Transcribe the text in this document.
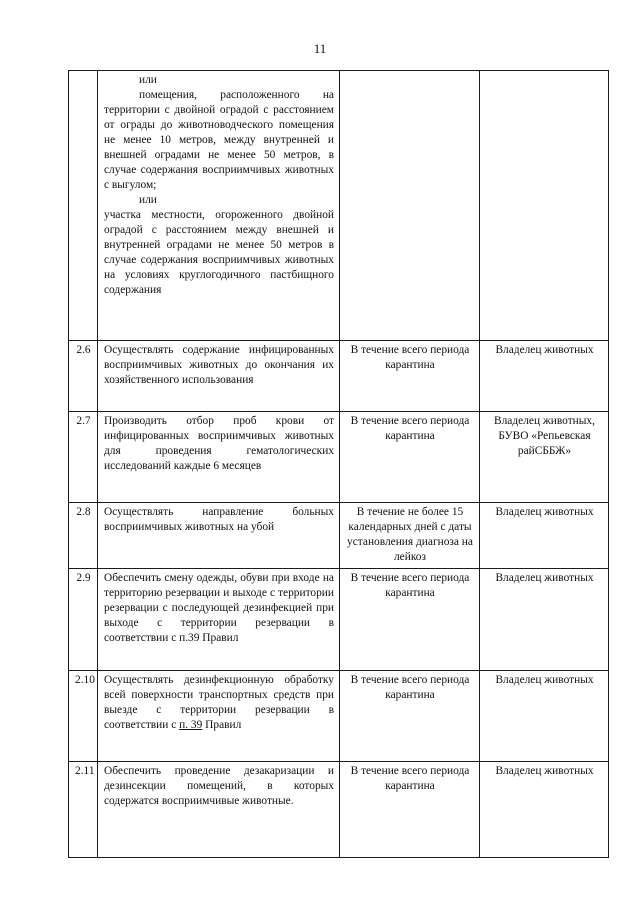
11

	или
помещения, расположенного на территории с двойной оградой с расстоянием от ограды до животноводческого помещения не менее 10 метров, между внутренней и внешней оградами не менее 50 метров, в случае содержания восприимчивых животных с выгулом;
или
участка местности, огороженного двойной оградой с расстоянием между внешней и внутренней оградами не менее 50 метров в случае содержания восприимчивых животных на условиях круглогодичного пастбищного содержания		

2.6	Осуществлять содержание инфицированных восприимчивых животных до окончания их хозяйственного использования	В течение всего периода карантина	Владелец животных
2.7	Производить отбор проб крови от инфицированных восприимчивых животных для проведения гематологических исследований каждые 6 месяцев	В течение всего периода карантина	Владелец животных, БУВО «Репьевская райСББЖ»
2.8	Осуществлять направление больных восприимчивых животных на убой	В течение не более 15 календарных дней с даты установления диагноза на лейкоз	Владелец животных
2.9	Обеспечить смену одежды, обуви при входе на территорию резервации и выходе с территории резервации с последующей дезинфекцией при выходе с территории резервации в соответствии с п.39 Правил	В течение всего периода карантина	Владелец животных
2.10	Осуществлять дезинфекционную обработку всей поверхности транспортных средств при выезде с территории резервации в соответствии с п. 39 Правил	В течение всего периода карантина	Владелец животных
2.11	Обеспечить проведение дезакаризации и дезинсекции помещений, в которых содержатся восприимчивые животные.	В течение всего периода карантина	Владелец животных
